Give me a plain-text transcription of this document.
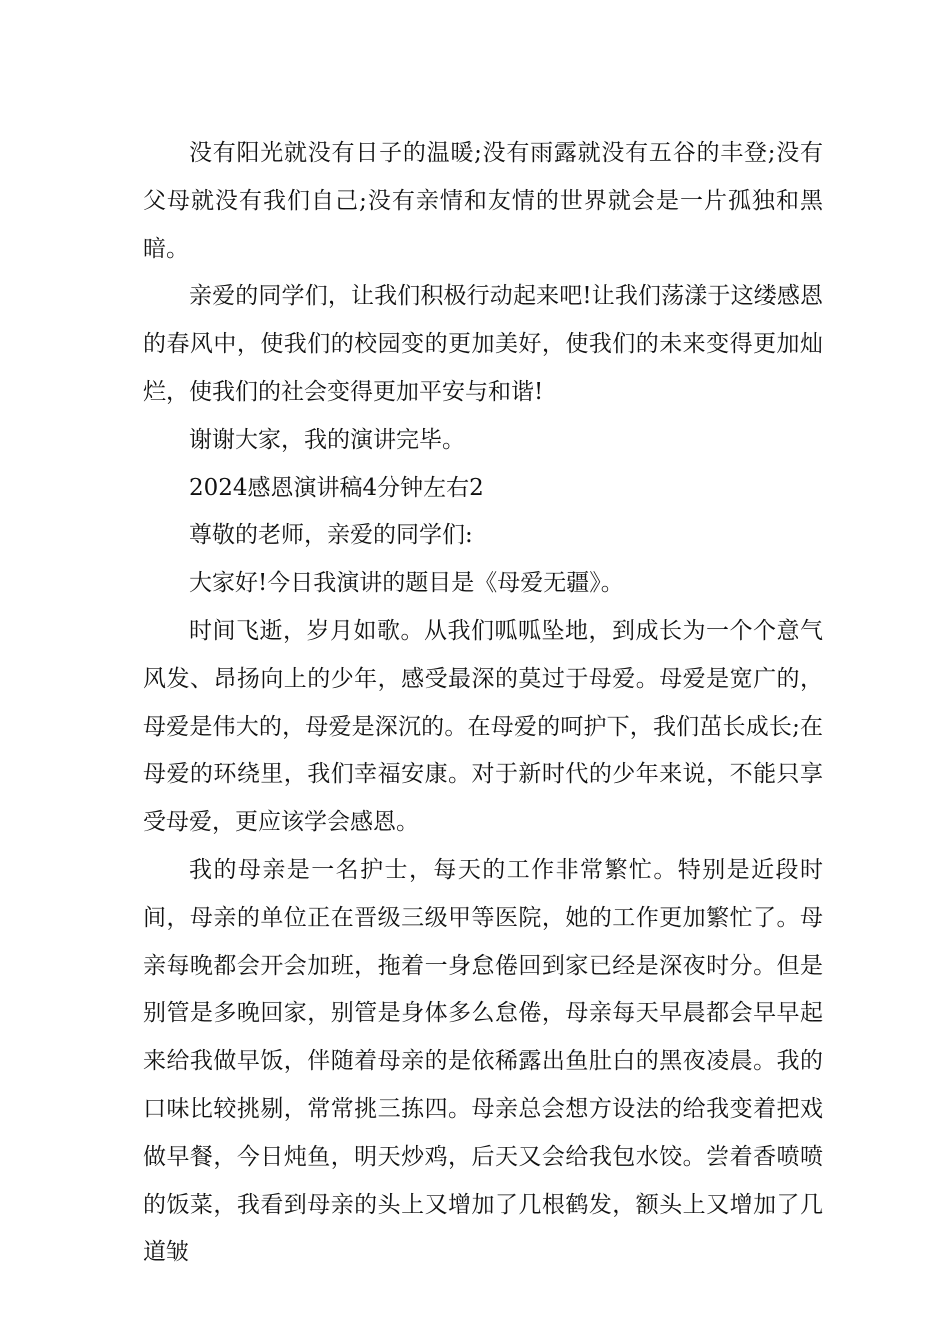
没有阳光就没有日子的温暖;没有雨露就没有五谷的丰登;没有父母就没有我们自己;没有亲情和友情的世界就会是一片孤独和黑暗。

亲爱的同学们，让我们积极行动起来吧!让我们荡漾于这缕感恩的春风中，使我们的校园变的更加美好，使我们的未来变得更加灿烂，使我们的社会变得更加平安与和谐!

谢谢大家，我的演讲完毕。

2024感恩演讲稿4分钟左右2

尊敬的老师，亲爱的同学们:

大家好!今日我演讲的题目是《母爱无疆》。

时间飞逝，岁月如歌。从我们呱呱坠地，到成长为一个个意气风发、昂扬向上的少年，感受最深的莫过于母爱。母爱是宽广的，母爱是伟大的，母爱是深沉的。在母爱的呵护下，我们茁长成长;在母爱的环绕里，我们幸福安康。对于新时代的少年来说，不能只享受母爱，更应该学会感恩。

我的母亲是一名护士，每天的工作非常繁忙。特别是近段时间，母亲的单位正在晋级三级甲等医院，她的工作更加繁忙了。母亲每晚都会开会加班，拖着一身怠倦回到家已经是深夜时分。但是别管是多晚回家，别管是身体多么怠倦，母亲每天早晨都会早早起来给我做早饭，伴随着母亲的是依稀露出鱼肚白的黑夜凌晨。我的口味比较挑剔，常常挑三拣四。母亲总会想方设法的给我变着把戏做早餐，今日炖鱼，明天炒鸡，后天又会给我包水饺。尝着香喷喷的饭菜，我看到母亲的头上又增加了几根鹤发，额头上又增加了几道皱
